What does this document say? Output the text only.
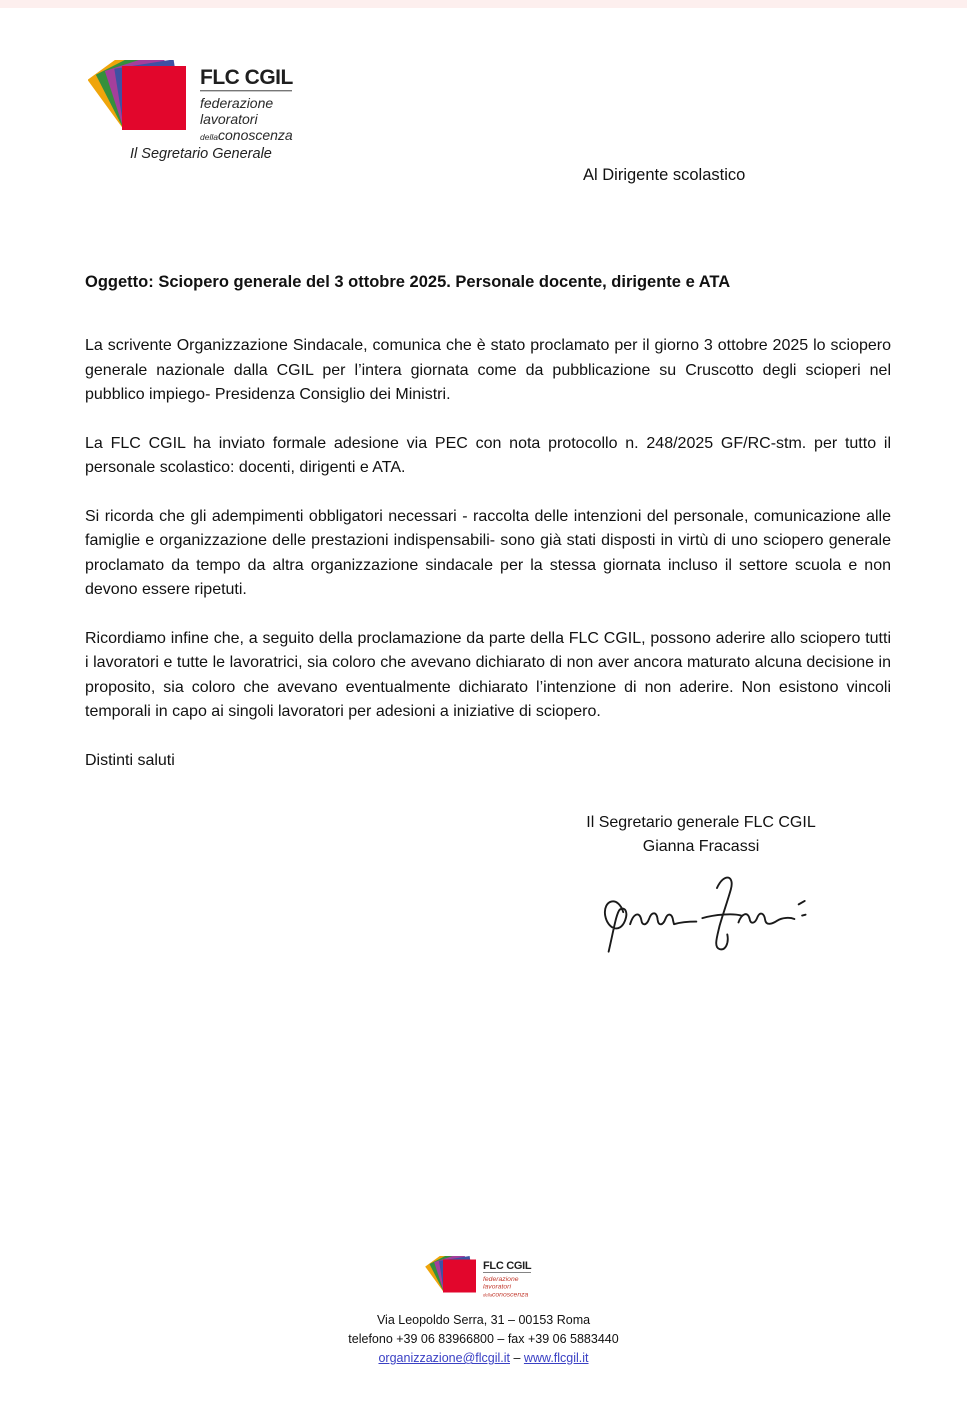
FLC CGIL
federazione
lavoratori
della conoscenza
Il Segretario Generale
Al Dirigente scolastico

Oggetto: Sciopero generale del 3 ottobre 2025. Personale docente, dirigente e ATA

La scrivente Organizzazione Sindacale, comunica che è stato proclamato per il giorno 3 ottobre 2025 lo sciopero generale nazionale dalla CGIL per l’intera giornata come da pubblicazione su Cruscotto degli scioperi nel pubblico impiego- Presidenza Consiglio dei Ministri.

La FLC CGIL ha inviato formale adesione via PEC con nota protocollo n. 248/2025 GF/RC-stm. per tutto il personale scolastico: docenti, dirigenti e ATA.

Si ricorda che gli adempimenti obbligatori necessari - raccolta delle intenzioni del personale, comunicazione alle famiglie e organizzazione delle prestazioni indispensabili- sono già stati disposti in virtù di uno sciopero generale proclamato da tempo da altra organizzazione sindacale per la stessa giornata incluso il settore scuola e non devono essere ripetuti.

Ricordiamo infine che, a seguito della proclamazione da parte della FLC CGIL, possono aderire allo sciopero tutti i lavoratori e tutte le lavoratrici, sia coloro che avevano dichiarato di non aver ancora maturato alcuna decisione in proposito, sia coloro che avevano eventualmente dichiarato l’intenzione di non aderire. Non esistono vincoli temporali in capo ai singoli lavoratori per adesioni a iniziative di sciopero.

Distinti saluti

Il Segretario generale FLC CGIL
Gianna Fracassi
FLC CGIL
federazione
lavoratori
della conoscenza
Via Leopoldo Serra, 31 – 00153 Roma
telefono +39 06 83966800 – fax +39 06 5883440
organizzazione@flcgil.it – www.flcgil.it
